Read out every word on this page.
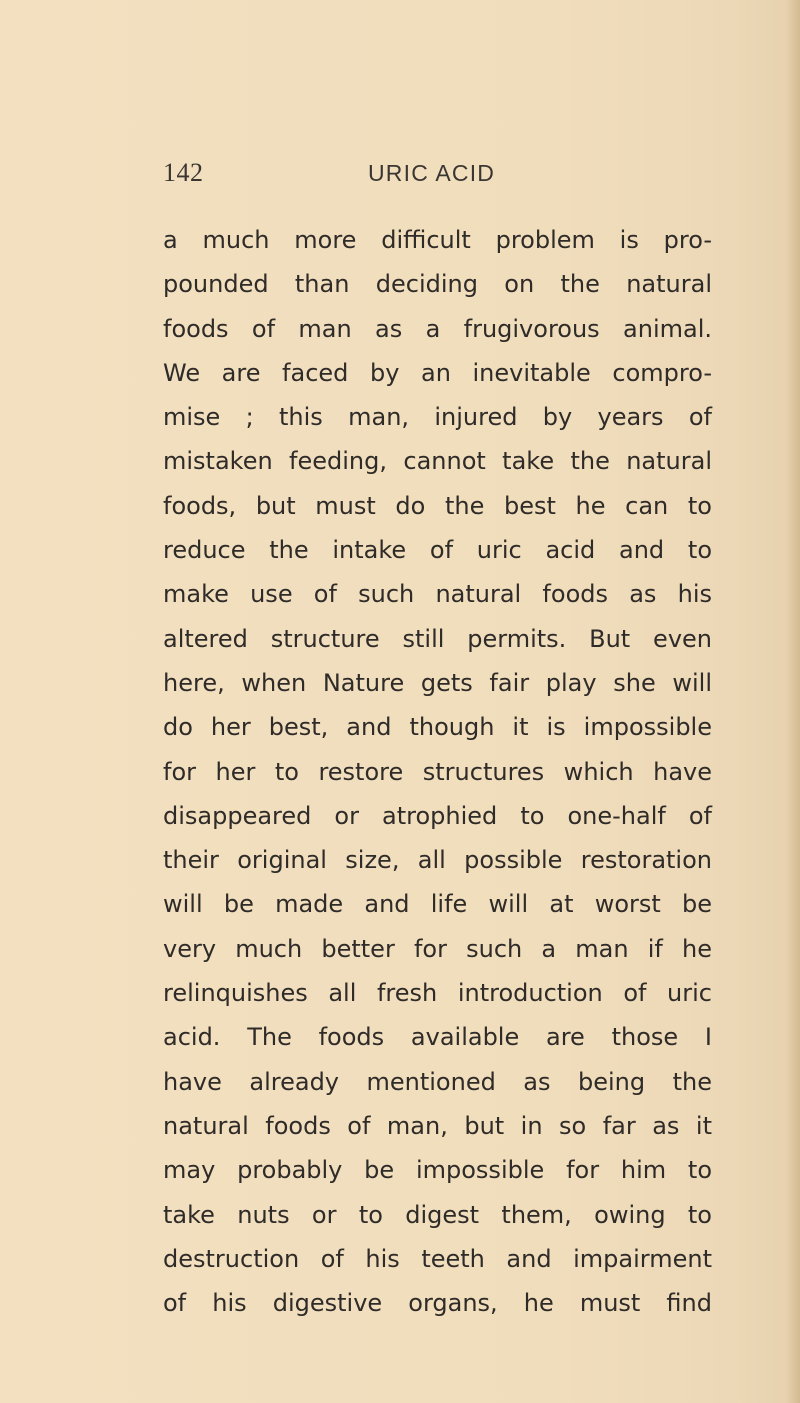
142	URIC ACID
a much more difficult problem is pro-
pounded than deciding on the natural
foods of man as a frugivorous animal.
We are faced by an inevitable compro-
mise ; this man, injured by years of
mistaken feeding, cannot take the natural
foods, but must do the best he can to
reduce the intake of uric acid and to
make use of such natural foods as his
altered structure still permits. But even
here, when Nature gets fair play she will
do her best, and though it is impossible
for her to restore structures which have
disappeared or atrophied to one-half of
their original size, all possible restoration
will be made and life will at worst be
very much better for such a man if he
relinquishes all fresh introduction of uric
acid. The foods available are those I
have already mentioned as being the
natural foods of man, but in so far as it
may probably be impossible for him to
take nuts or to digest them, owing to
destruction of his teeth and impairment
of his digestive organs, he must find
